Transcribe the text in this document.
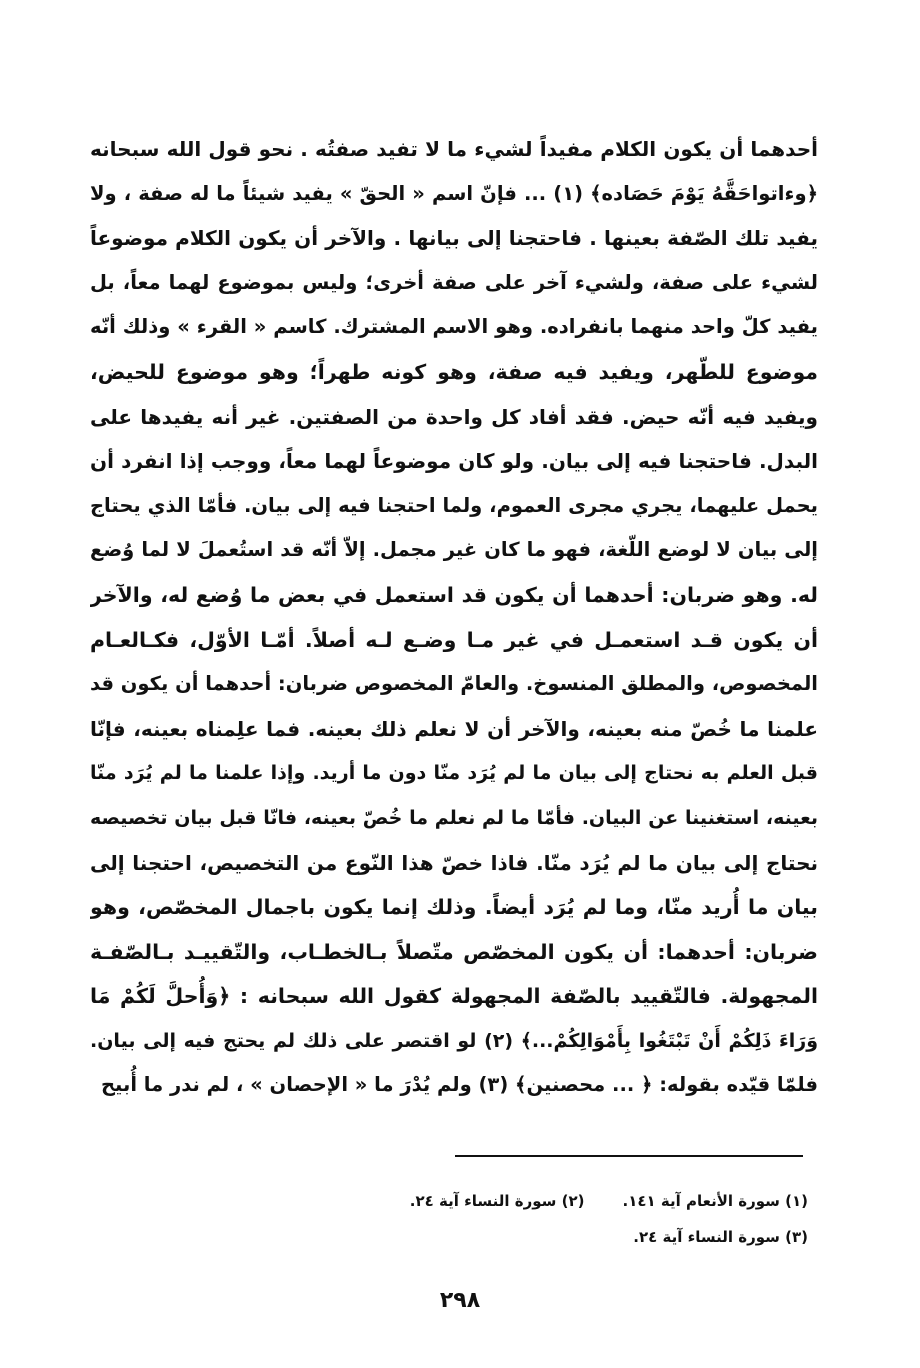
أحدهما أن يكون الكلام مفيداً لشيء ما لا تفيد صفتُه . نحو قول الله سبحانه
﴿وءاتواحَقَّهُ يَوْمَ حَصَاده﴾ (١) ... فإنّ اسم « الحقّ » يفيد شيئاً ما له صفة ، ولا
يفيد تلك الصّفة بعينها . فاحتجنا إلى بيانها . والآخر أن يكون الكلام موضوعاً
لشيء على صفة، ولشيء آخر على صفة أخرى؛ وليس بموضوع لهما معاً، بل
يفيد كلّ واحد منهما بانفراده. وهو الاسم المشترك. كاسم « القرء » وذلك أنّه
موضوع للطّهر، ويفيد فيه صفة، وهو كونه طهراً؛ وهو موضوع للحيض،
ويفيد فيه أنّه حيض. فقد أفاد كل واحدة من الصفتين. غير أنه يفيدها على
البدل. فاحتجنا فيه إلى بيان. ولو كان موضوعاً لهما معاً، ووجب إذا انفرد أن
يحمل عليهما، يجري مجرى العموم، ولما احتجنا فيه إلى بيان. فأمّا الذي يحتاج
إلى بيان لا لوضع اللّغة، فهو ما كان غير مجمل. إلاّ أنّه قد استُعملَ لا لما وُضع
له. وهو ضربان: أحدهما أن يكون قد استعمل في بعض ما وُضع له، والآخر
أن يكون قـد استعمـل في غير مـا وضـع لـه أصلاً. أمّـا الأوّل، فكـالعـام
المخصوص، والمطلق المنسوخ. والعامّ المخصوص ضربان: أحدهما أن يكون قد
علمنا ما خُصّ منه بعينه، والآخر أن لا نعلم ذلك بعينه. فما علِمناه بعينه، فإنّا
قبل العلم به نحتاج إلى بيان ما لم يُرَد منّا دون ما أريد. وإذا علمنا ما لم يُرَد منّا
بعينه، استغنينا عن البيان. فأمّا ما لم نعلم ما خُصّ بعينه، فانّا قبل بيان تخصيصه
نحتاج إلى بيان ما لم يُرَد منّا. فاذا خصّ هذا النّوع من التخصيص، احتجنا إلى
بيان ما أُريد منّا، وما لم يُرَد أيضاً. وذلك إنما يكون باجمال المخصّص، وهو
ضربان: أحدهما: أن يكون المخصّص متّصلاً بـالخطـاب، والتّقييـد بـالصّفـة
المجهولة. فالتّقييد بالصّفة المجهولة كقول الله سبحانه : ﴿وَأُحلَّ لَكُمْ مَا
وَرَاءَ ذَلِكُمْ أَنْ تَبْتَغُوا بِأَمْوَالِكُمْ...﴾ (٢) لو اقتصر على ذلك لم يحتج فيه إلى بيان.
فلمّا قيّده بقوله: ﴿ ... محصنين﴾ (٣) ولم يُدْرَ ما « الإحصان » ، لم ندر ما أُبيح
(١) سورة الأنعام آية ١٤١.(٢) سورة النساء آية ٢٤.
(٣) سورة النساء آية ٢٤.
٢٩٨
